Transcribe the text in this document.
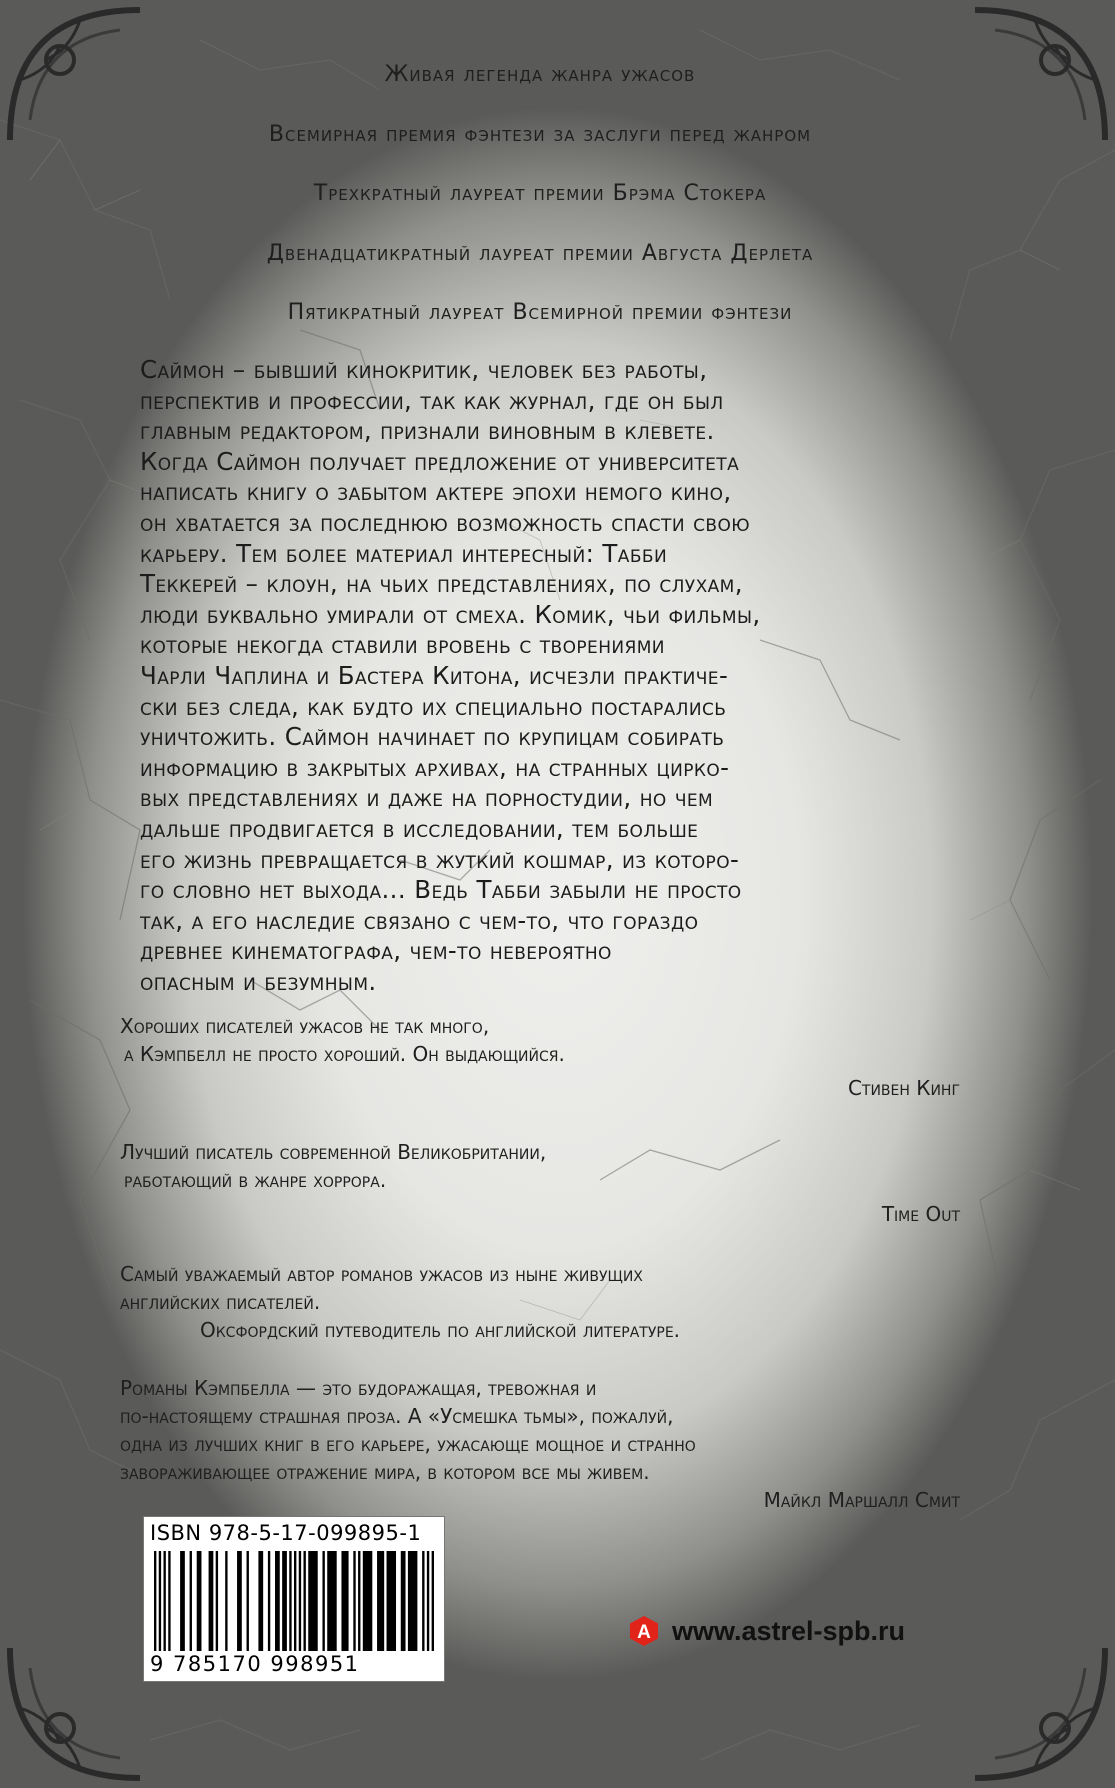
Живая легенда жанра ужасов
Всемирная премия фэнтези за заслуги перед жанром
Трехкратный лауреат премии Брэма Стокера
Двенадцатикратный лауреат премии Августа Дерлета
Пятикратный лауреат Всемирной премии фэнтези
Саймон – бывший кинокритик, человек без работы,
перспектив и профессии, так как журнал, где он был
главным редактором, признали виновным в клевете.
Когда Саймон получает предложение от университета
написать книгу о забытом актере эпохи немого кино,
он хватается за последнюю возможность спасти свою
карьеру. Тем более материал интересный: Табби
Теккерей – клоун, на чьих представлениях, по слухам,
люди буквально умирали от смеха. Комик, чьи фильмы,
которые некогда ставили вровень с творениями
Чарли Чаплина и Бастера Китона, исчезли практиче-
ски без следа, как будто их специально постарались
уничтожить. Саймон начинает по крупицам собирать
информацию в закрытых архивах, на странных цирко-
вых представлениях и даже на порностудии, но чем
дальше продвигается в исследовании, тем больше
его жизнь превращается в жуткий кошмар, из которо-
го словно нет выхода... Ведь Табби забыли не просто
так, а его наследие связано с чем-то, что гораздо
древнее кинематографа, чем-то невероятно
опасным и безумным.
Хороших писателей ужасов не так много,
а Кэмпбелл не просто хороший. Он выдающийся.
Стивен Кинг
Лучший писатель современной Великобритании,
работающий в жанре хоррора.
Time Out
Самый уважаемый автор романов ужасов из ныне живущих
английских писателей.
Оксфордский путеводитель по английской литературе.
Романы Кэмпбелла — это будоражащая, тревожная и
по-настоящему страшная проза. А «Усмешка тьмы», пожалуй,
одна из лучших книг в его карьере, ужасающе мощное и странно
завораживающее отражение мира, в котором все мы живем.
Майкл Маршалл Смит
ISBN 978-5-17-099895-1
9 785170 998951
А www.astrel-spb.ru
